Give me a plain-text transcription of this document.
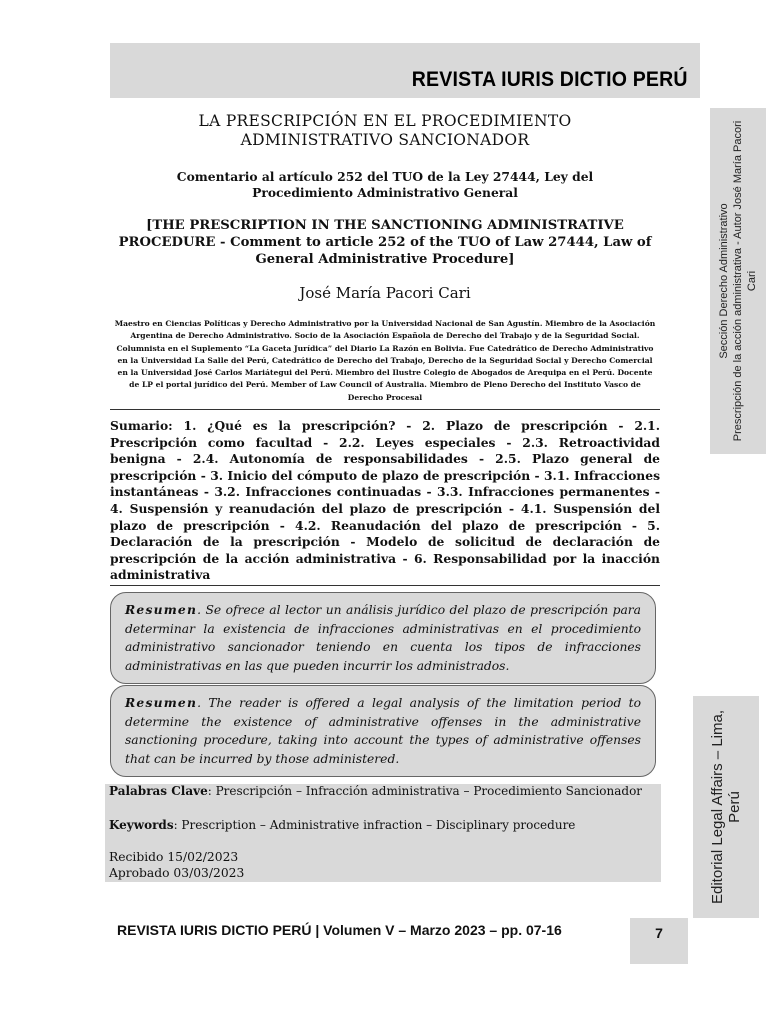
REVISTA IURIS DICTIO PERÚ
Sección Derecho Administrativo Prescripción de la acción administrativa - Autor José María Pacori Cari
LA PRESCRIPCIÓN EN EL PROCEDIMIENTO
ADMINISTRATIVO SANCIONADOR
Comentario al artículo 252 del TUO de la Ley 27444, Ley del Procedimiento Administrativo General
[THE PRESCRIPTION IN THE SANCTIONING ADMINISTRATIVE PROCEDURE - Comment to article 252 of the TUO of Law 27444, Law of General Administrative Procedure]
José María Pacori Cari
Maestro en Ciencias Políticas y Derecho Administrativo por la Universidad Nacional de San Agustín. Miembro de la Asociación Argentina de Derecho Administrativo. Socio de la Asociación Española de Derecho del Trabajo y de la Seguridad Social. Columnista en el Suplemento “La Gaceta Jurídica” del Diario La Razón en Bolivia. Fue Catedrático de Derecho Administrativo en la Universidad La Salle del Perú, Catedrático de Derecho del Trabajo, Derecho de la Seguridad Social y Derecho Comercial en la Universidad José Carlos Mariátegui del Perú. Miembro del Ilustre Colegio de Abogados de Arequipa en el Perú. Docente de LP el portal jurídico del Perú. Member of Law Council of Australia. Miembro de Pleno Derecho del Instituto Vasco de Derecho Procesal
Sumario: 1. ¿Qué es la prescripción? - 2. Plazo de prescripción - 2.1. Prescripción como facultad - 2.2. Leyes especiales - 2.3. Retroactividad benigna - 2.4. Autonomía de responsabilidades - 2.5. Plazo general de prescripción - 3. Inicio del cómputo de plazo de prescripción - 3.1. Infracciones instantáneas - 3.2. Infracciones continuadas - 3.3. Infracciones permanentes - 4. Suspensión y reanudación del plazo de prescripción - 4.1. Suspensión del plazo de prescripción - 4.2. Reanudación del plazo de prescripción - 5. Declaración de la prescripción - Modelo de solicitud de declaración de prescripción de la acción administrativa - 6. Responsabilidad por la inacción administrativa
Resumen. Se ofrece al lector un análisis jurídico del plazo de prescripción para determinar la existencia de infracciones administrativas en el procedimiento administrativo sancionador teniendo en cuenta los tipos de infracciones administrativas en las que pueden incurrir los administrados.
Resumen. The reader is offered a legal analysis of the limitation period to determine the existence of administrative offenses in the administrative sanctioning procedure, taking into account the types of administrative offenses that can be incurred by those administered.	Editorial Legal Affairs – Lima, Perú
Palabras Clave: Prescripción – Infracción administrativa – Procedimiento Sancionador
Keywords: Prescription – Administrative infraction – Disciplinary procedure
Recibido 15/02/2023
Aprobado 03/03/2023
REVISTA IURIS DICTIO PERÚ | Volumen V – Marzo 2023 – pp. 07-16	7
